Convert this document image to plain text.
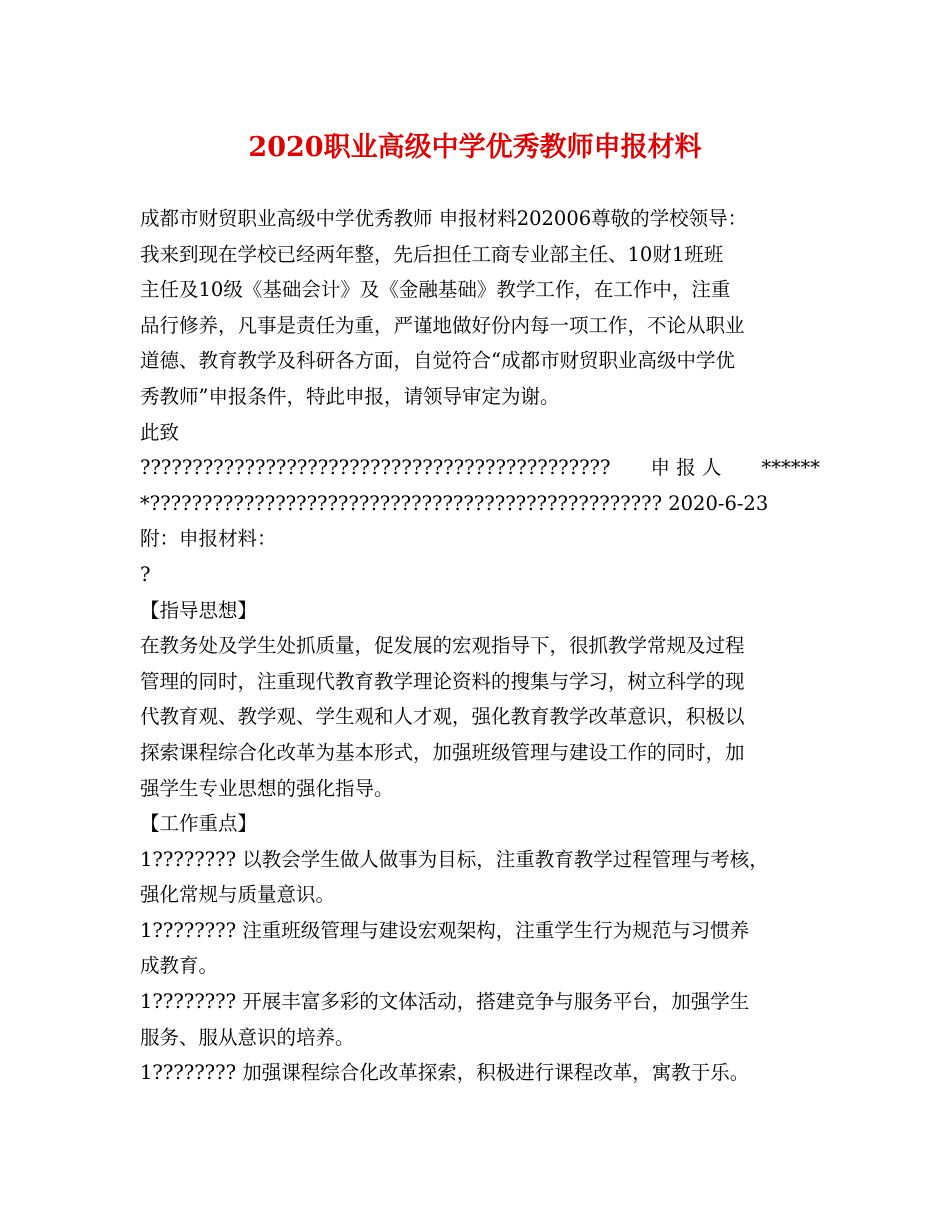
2020职业高级中学优秀教师申报材料
成都市财贸职业高级中学优秀教师 申报材料202006尊敬的学校领导：
我来到现在学校已经两年整，先后担任工商专业部主任、10财1班班
主任及10级《基础会计》及《金融基础》教学工作，在工作中，注重
品行修养，凡事是责任为重，严谨地做好份内每一项工作，不论从职业
道德、教育教学及科研各方面，自觉符合“成都市财贸职业高级中学优
秀教师”申报条件，特此申报，请领导审定为谢。
此致
????????????????????????????????????????????? 申 报 人 ******
*????????????????????????????????????????????????? 2020-6-23
附：申报材料：
?
【指导思想】
在教务处及学生处抓质量，促发展的宏观指导下，很抓教学常规及过程
管理的同时，注重现代教育教学理论资料的搜集与学习，树立科学的现
代教育观、教学观、学生观和人才观，强化教育教学改革意识，积极以
探索课程综合化改革为基本形式，加强班级管理与建设工作的同时，加
强学生专业思想的强化指导。
【工作重点】
1???????? 以教会学生做人做事为目标，注重教育教学过程管理与考核，
强化常规与质量意识。
1???????? 注重班级管理与建设宏观架构，注重学生行为规范与习惯养
成教育。
1???????? 开展丰富多彩的文体活动，搭建竞争与服务平台，加强学生
服务、服从意识的培养。
1???????? 加强课程综合化改革探索，积极进行课程改革，寓教于乐。
